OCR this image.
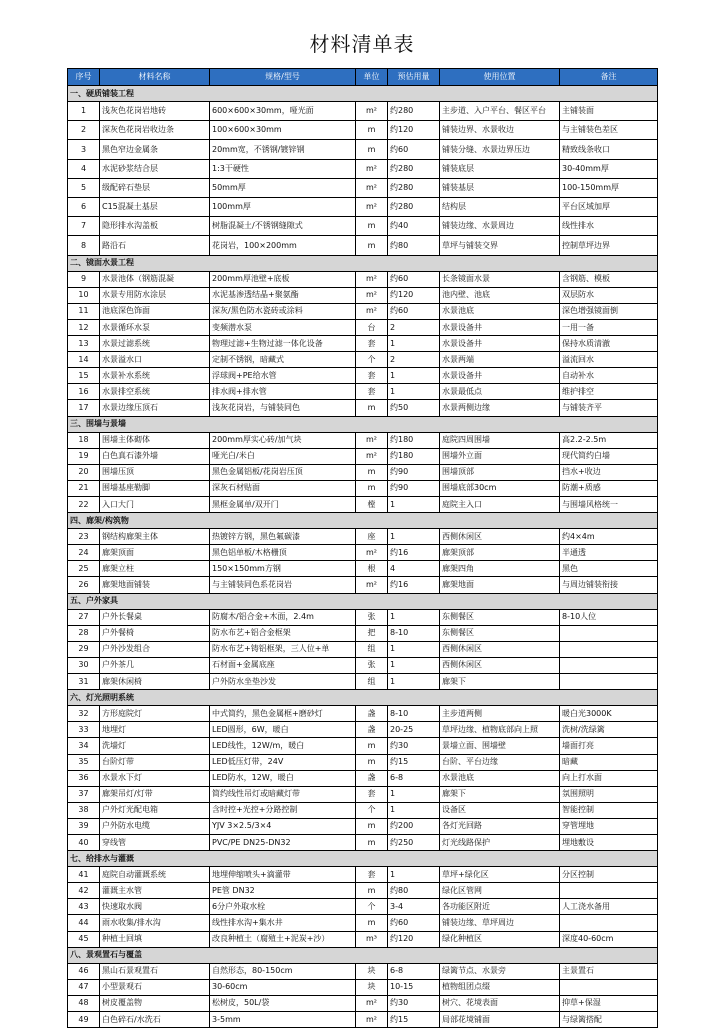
材料清单表
序号	材料名称	规格/型号	单位	预估用量	使用位置	备注
一、硬质铺装工程						
1	浅灰色花岗岩地砖	600×600×30mm，哑光面	m²	约280	主步道、入户平台、餐区平台	主铺装面
2	深灰色花岗岩收边条	100×600×30mm	m	约120	铺装边界、水景收边	与主铺装色差区
3	黑色窄边金属条	20mm宽，不锈钢/镀锌钢	m	约60	铺装分缝、水景边界压边	精致线条收口
4	水泥砂浆结合层	1:3干硬性	m²	约280	铺装底层	30-40mm厚
5	级配碎石垫层	50mm厚	m²	约280	铺装基层	100-150mm厚
6	C15混凝土基层	100mm厚	m²	约280	结构层	平台区域加厚
7	隐形排水沟盖板	树脂混凝土/不锈钢缝隙式	m	约40	铺装边缘、水景周边	线性排水
8	路沿石	花岗岩，100×200mm	m	约80	草坪与铺装交界	控制草坪边界
二、镜面水景工程						
9	水景池体（钢筋混凝	200mm厚池壁+底板	m²	约60	长条镜面水景	含钢筋、模板
10	水景专用防水涂层	水泥基渗透结晶+聚氨酯	m²	约120	池内壁、池底	双层防水
11	池底深色饰面	深灰/黑色防水瓷砖或涂料	m²	约60	水景池底	深色增强镜面倒
12	水景循环水泵	变频潜水泵	台	2	水景设备井	一用一备
13	水景过滤系统	物理过滤+生物过滤一体化设备	套	1	水景设备井	保持水质清澈
14	水景溢水口	定制不锈钢，暗藏式	个	2	水景两端	溢流回水
15	水景补水系统	浮球阀+PE给水管	套	1	水景设备井	自动补水
16	水景排空系统	排水阀+排水管	套	1	水景最低点	维护排空
17	水景边缘压顶石	浅灰花岗岩，与铺装同色	m	约50	水景两侧边缘	与铺装齐平
三、围墙与景墙						
18	围墙主体砌体	200mm厚实心砖/加气块	m²	约180	庭院四周围墙	高2.2-2.5m
19	白色真石漆外墙	哑光白/米白	m²	约180	围墙外立面	现代简约白墙
20	围墙压顶	黑色金属铝板/花岗岩压顶	m	约90	围墙顶部	挡水+收边
21	围墙基座勒脚	深灰石材贴面	m	约90	围墙底部30cm	防潮+质感
22	入口大门	黑框金属单/双开门	樘	1	庭院主入口	与围墙风格统一
四、廊架/构筑物						
23	钢结构廊架主体	热镀锌方钢，黑色氟碳漆	座	1	西侧休闲区	约4×4m
24	廊架顶面	黑色铝单板/木格栅顶	m²	约16	廊架顶部	半通透
25	廊架立柱	150×150mm方钢	根	4	廊架四角	黑色
26	廊架地面铺装	与主铺装同色系花岗岩	m²	约16	廊架地面	与周边铺装衔接
五、户外家具						
27	户外长餐桌	防腐木/铝合金+木面，2.4m	张	1	东侧餐区	8-10人位
28	户外餐椅	防水布艺+铝合金框架	把	8-10	东侧餐区	
29	户外沙发组合	防水布艺+铸铝框架，三人位+单	组	1	西侧休闲区	
30	户外茶几	石材面+金属底座	张	1	西侧休闲区	
31	廊架休闲椅	户外防水坐垫沙发	组	1	廊架下	
六、灯光照明系统						
32	方形庭院灯	中式简约，黑色金属框+磨砂灯	盏	8-10	主步道两侧	暖白光3000K
33	地埋灯	LED圆形，6W，暖白	盏	20-25	草坪边缘、植物底部向上照	洗树/洗绿篱
34	洗墙灯	LED线性，12W/m，暖白	m	约30	景墙立面、围墙壁	墙面打亮
35	台阶灯带	LED低压灯带，24V	m	约15	台阶、平台边缘	暗藏
36	水景水下灯	LED防水，12W，暖白	盏	6-8	水景池底	向上打水面
37	廊架吊灯/灯带	简约线性吊灯或暗藏灯带	套	1	廊架下	氛围照明
38	户外灯光配电箱	含时控+光控+分路控制	个	1	设备区	智能控制
39	户外防水电缆	YJV 3×2.5/3×4	m	约200	各灯光回路	穿管埋地
40	穿线管	PVC/PE DN25-DN32	m	约250	灯光线路保护	埋地敷设
七、给排水与灌溉						
41	庭院自动灌溉系统	地埋伸缩喷头+滴灌带	套	1	草坪+绿化区	分区控制
42	灌溉主水管	PE管 DN32	m	约80	绿化区管网	
43	快速取水阀	6分户外取水栓	个	3-4	各功能区附近	人工浇水备用
44	雨水收集/排水沟	线性排水沟+集水井	m	约60	铺装边缘、草坪周边	
45	种植土回填	改良种植土（腐殖土+泥炭+沙）	m³	约120	绿化种植区	深度40-60cm
八、景观置石与覆盖						
46	黑山石景观置石	自然形态，80-150cm	块	6-8	绿篱节点、水景旁	主景置石
47	小型景观石	30-60cm	块	10-15	植物组团点缀	
48	树皮覆盖物	松树皮，50L/袋	m²	约30	树穴、花境表面	抑草+保湿
49	白色碎石/水洗石	3-5mm	m²	约15	局部花境铺面	与绿篱搭配
